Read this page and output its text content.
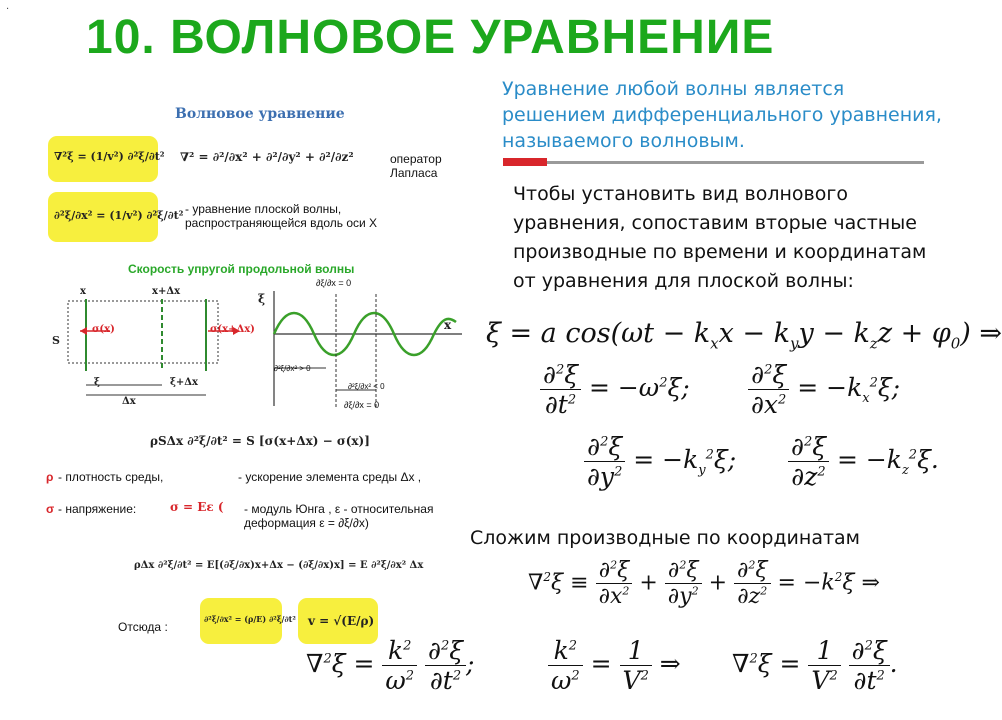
·
10. ВОЛНОВОЕ УРАВНЕНИЕ

Уравнение любой волны является решением дифференциального уравнения, называемого волновым.

Чтобы установить вид волнового уравнения, сопоставим вторые частные производные по времени и координатам от уравнения для плоской волны:

ξ = a $\cos(\omega t - k_xx - k_yy - k_zz + \varphi_0)$ ⇒
$\frac{\partial^2\xi}{\partial t^2} = -\omega^2\xi$; $\frac{\partial^2\xi}{\partial x^2} = -k_x^2\xi$;
$\frac{\partial^2\xi}{\partial y^2} = -k_y^2\xi$; $\frac{\partial^2\xi}{\partial z^2} = -k_z^2\xi$.

Сложим производные по координатам

$\nabla^2\xi \equiv \frac{\partial^2\xi}{\partial x^2} + \frac{\partial^2\xi}{\partial y^2} + \frac{\partial^2\xi}{\partial z^2} = -k^2\xi$ ⇒
$\nabla^2\xi = \frac{k^2}{\omega^2}$
$\frac{\partial^2\xi}{\partial t^2}$ ;	$\frac{k^2}{\omega^2} = \frac{1}{V^2}$ ⇒ $\nabla^2\xi = \frac{1}{V^2}$
$\frac{\partial^2\xi}{\partial t^2}$ .
Волновое уравнение
∇²ξ = (1/v²) ∂²ξ/∂t² ∇² = ∂²/∂x² + ∂²/∂y² + ∂²/∂z²	оператор Лапласа
∂²ξ/∂x² = (1/v²) ∂²ξ/∂t² - уравнение плоской волны, распространяющейся вдоль оси X
Скорость упругой продольной волны
x	x+Δx
S
σ(x)	σ(x+Δx)
ξ	ξ+Δx
Δx
ξ
x
∂ξ/∂x = 0
∂²ξ/∂x² > 0
∂²ξ/∂x² < 0
∂ξ/∂x = 0
ρSΔx ∂²ξ/∂t² = S [σ(x+Δx) − σ(x)]
ρ - плотность среды,	- ускорение элемента среды Δx ,
σ - напряжение:	σ = Eε ( - модуль Юнга , ε - относительная деформация ε = ∂ξ/∂x)
ρΔx ∂²ξ/∂t² = E[(∂ξ/∂x)x+Δx − (∂ξ/∂x)x] = E ∂²ξ/∂x² Δx
Отсюда :
∂²ξ/∂x² = (ρ/E) ∂²ξ/∂t² v = √(E/ρ)
